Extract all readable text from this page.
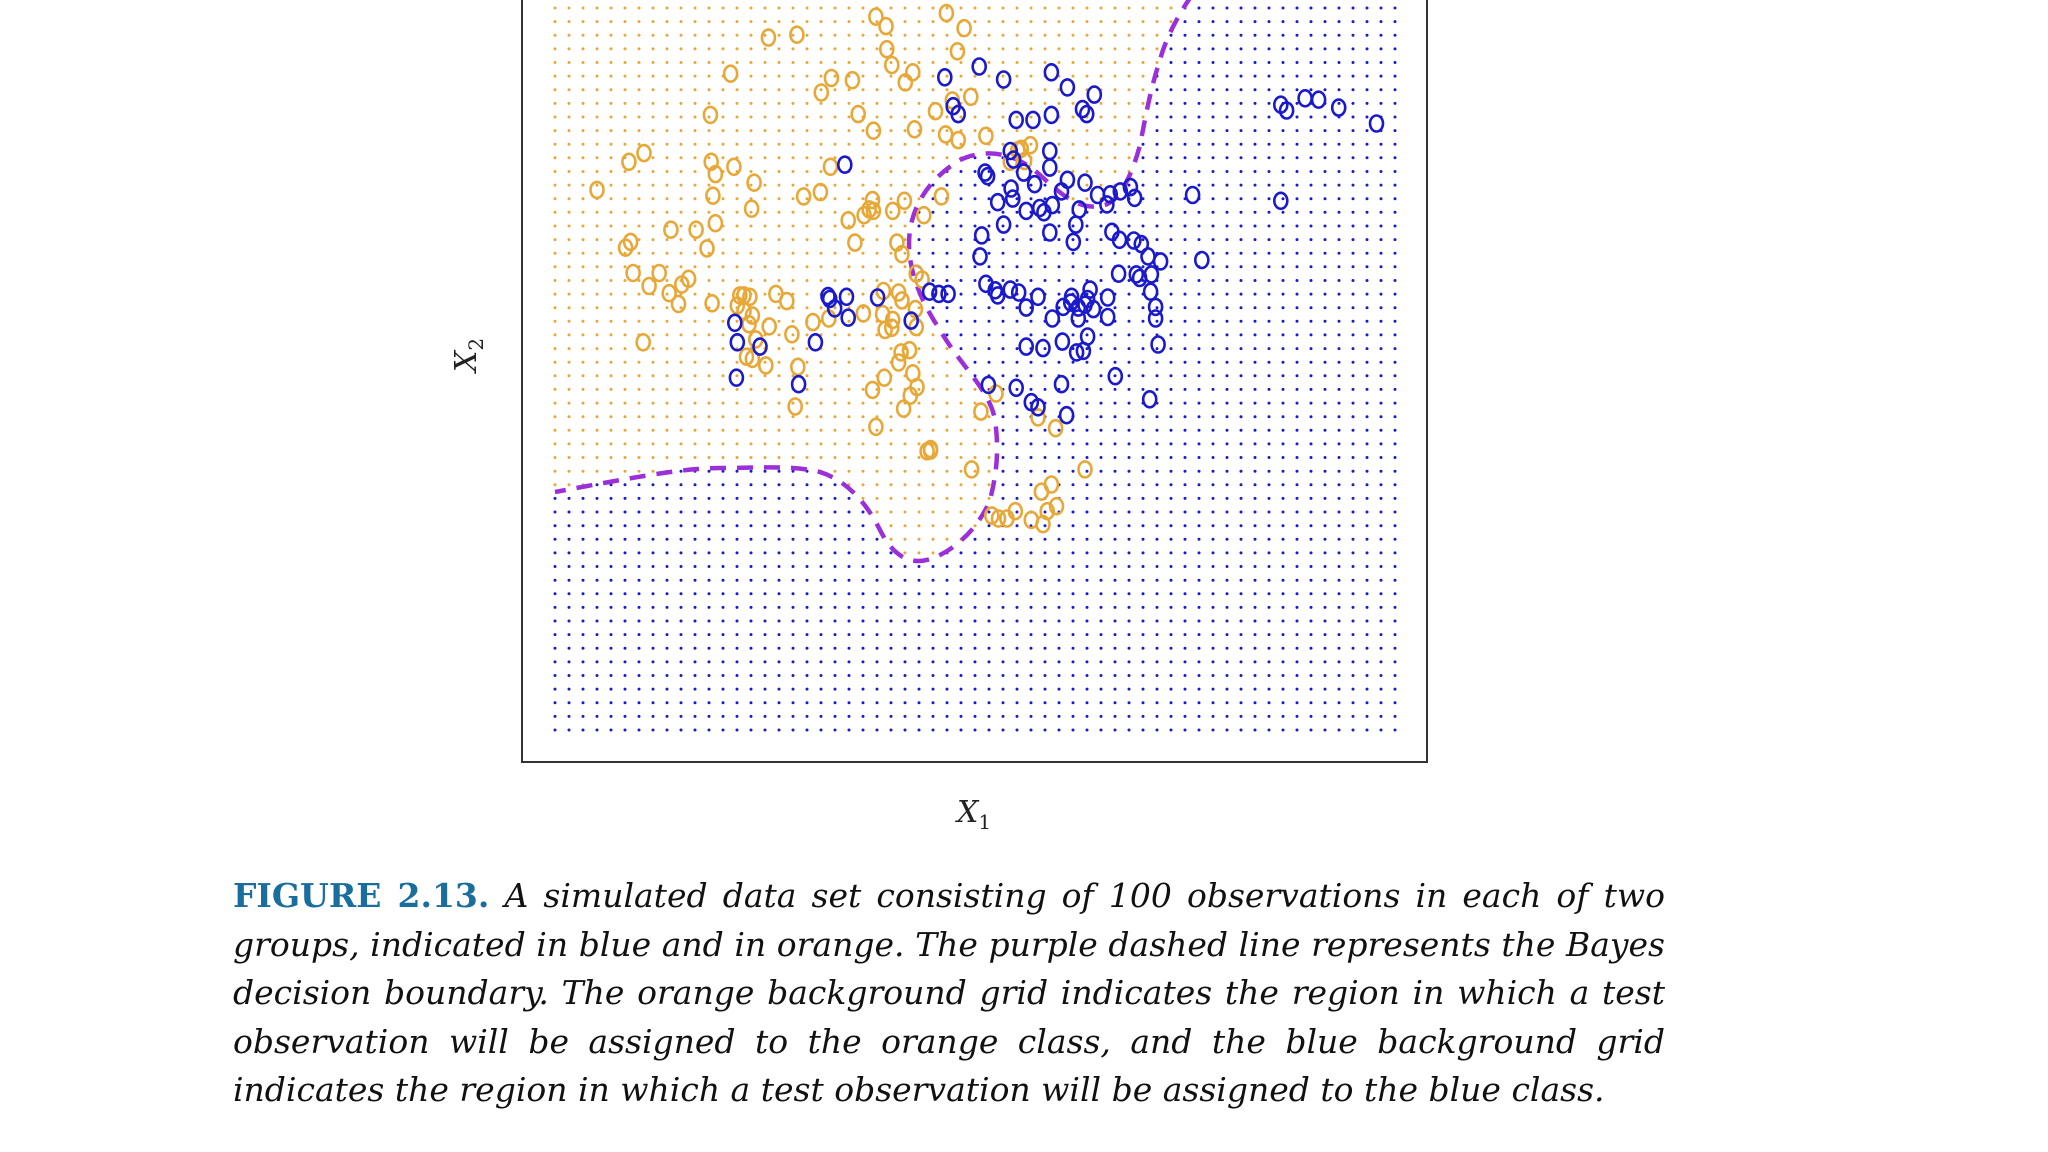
$X_1$
$X_2$
FIGURE 2.13. A simulated data set consisting of 100 observations in each of two groups, indicated in blue and in orange. The purple dashed line represents the Bayes decision boundary. The orange background grid indicates the region in which a test observation will be assigned to the orange class, and the blue background grid indicates the region in which a test observation will be assigned to the blue class.
